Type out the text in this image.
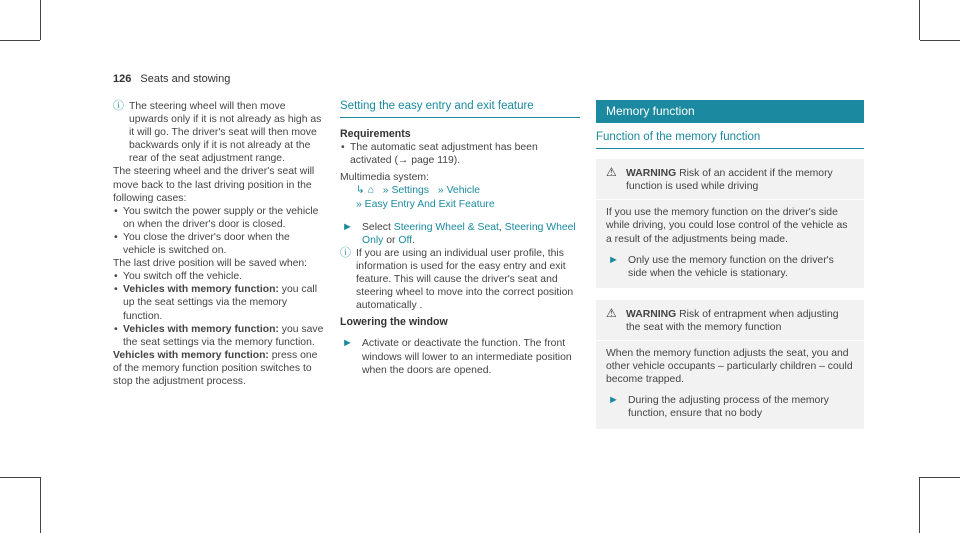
126 Seats and stowing
ⓘ The steering wheel will then move upwards only if it is not already as high as it will go. The driver's seat will then move backwards only if it is not already at the rear of the seat adjustment range.

The steering wheel and the driver's seat will move back to the last driving position in the following cases:

• You switch the power supply or the vehicle on when the driver's door is closed.
• You close the driver's door when the vehicle is switched on.

The last drive position will be saved when:

• You switch off the vehicle.
• Vehicles with memory function: you call up the seat settings via the memory function.
• Vehicles with memory function: you save the seat settings via the memory function.

Vehicles with memory function: press one of the memory function position switches to stop the adjustment process.

Setting the easy entry and exit feature
Requirements
• The automatic seat adjustment has been activated (→ page 119).

Multimedia system:

↳ ⌂ » Settings » Vehicle
» Easy Entry And Exit Feature
► Select Steering Wheel & Seat, Steering Wheel Only or Off.
ⓘ If you are using an individual user profile, this information is used for the easy entry and exit feature. This will cause the driver's seat and steering wheel to move into the correct position automatically .

Lowering the window
► Activate or deactivate the function. The front windows will lower to an intermediate position when the doors are opened.
Memory function
Function of the memory function
⚠ WARNING Risk of an accident if the memory function is used while driving

If you use the memory function on the driver's side while driving, you could lose control of the vehicle as a result of the adjustments being made.

► Only use the memory function on the driver's side when the vehicle is stationary.
⚠ WARNING Risk of entrapment when adjusting the seat with the memory function

When the memory function adjusts the seat, you and other vehicle occupants – particularly children – could become trapped.

► During the adjusting process of the memory function, ensure that no body
